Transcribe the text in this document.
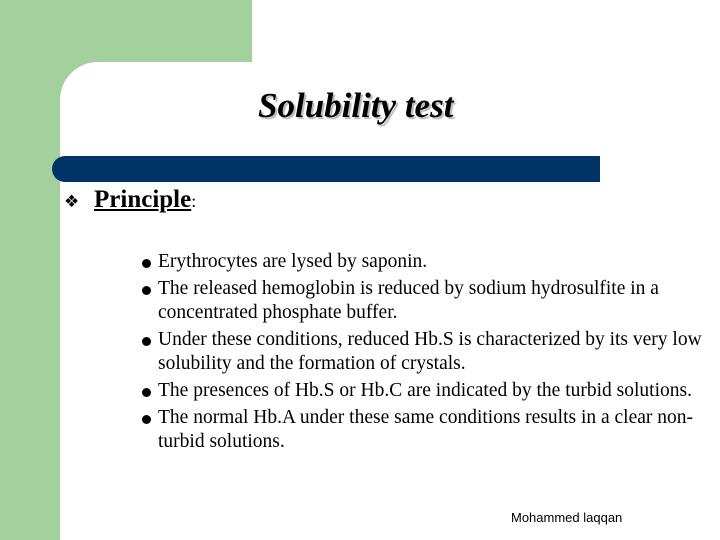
Solubility test
❖ Principle:
Erythrocytes are lysed by saponin.
The released hemoglobin is reduced by sodium hydrosulfite in a concentrated phosphate buffer.
Under these conditions, reduced Hb.S is characterized by its very low solubility and the formation of crystals.
The presences of Hb.S or Hb.C are indicated by the turbid solutions.
The normal Hb.A under these same conditions results in a clear non-turbid solutions.
Mohammed laqqan
